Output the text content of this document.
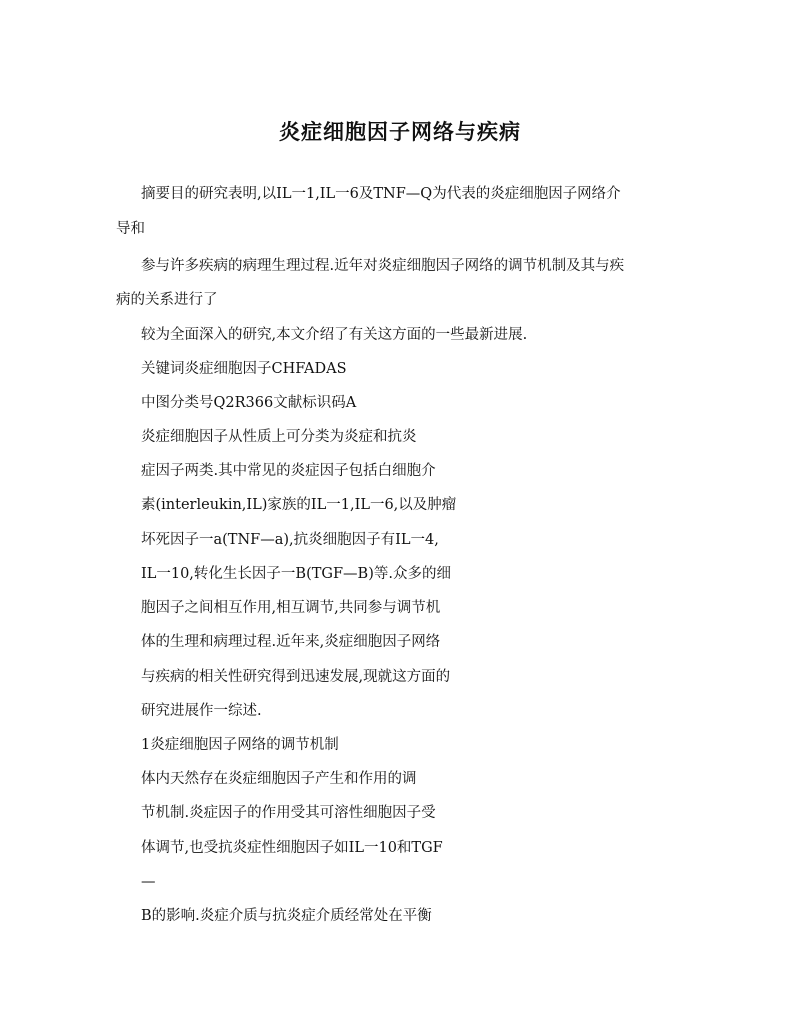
炎症细胞因子网络与疾病

摘要目的研究表明,以IL一1,IL一6及TNF—Q为代表的炎症细胞因子网络介

导和

参与许多疾病的病理生理过程.近年对炎症细胞因子网络的调节机制及其与疾

病的关系进行了

较为全面深入的研究,本文介绍了有关这方面的一些最新进展.

关键词炎症细胞因子CHFADAS

中图分类号Q2R366文献标识码A

炎症细胞因子从性质上可分类为炎症和抗炎

症因子两类.其中常见的炎症因子包括白细胞介

素(interleukin,IL)家族的IL一1,IL一6,以及肿瘤

坏死因子一a(TNF—a),抗炎细胞因子有IL一4,

IL一10,转化生长因子一B(TGF—B)等.众多的细

胞因子之间相互作用,相互调节,共同参与调节机

体的生理和病理过程.近年来,炎症细胞因子网络

与疾病的相关性研究得到迅速发展,现就这方面的

研究进展作一综述.

1炎症细胞因子网络的调节机制

体内天然存在炎症细胞因子产生和作用的调

节机制.炎症因子的作用受其可溶性细胞因子受

体调节,也受抗炎症性细胞因子如IL一10和TGF

—

B的影响.炎症介质与抗炎症介质经常处在平衡
